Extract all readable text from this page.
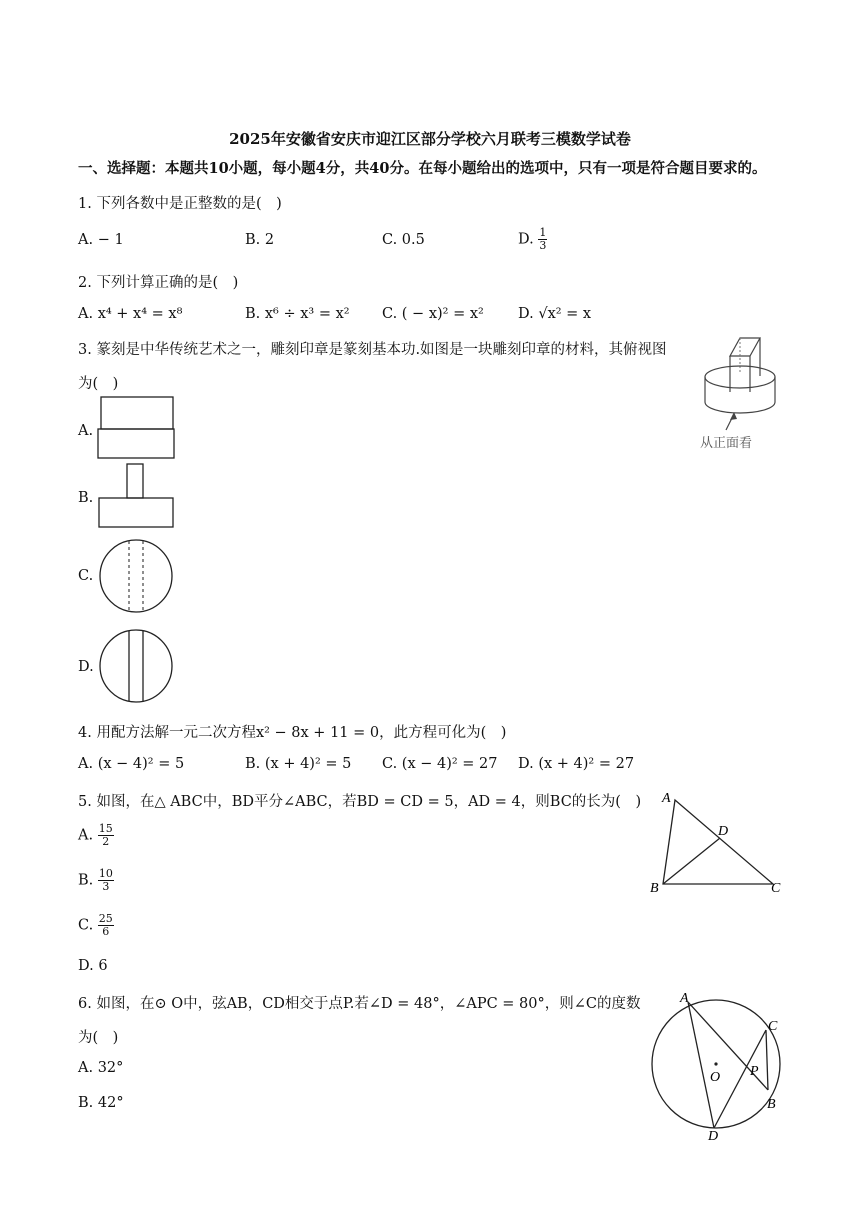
2025年安徽省安庆市迎江区部分学校六月联考三模数学试卷
一、选择题：本题共10小题，每小题4分，共40分。在每小题给出的选项中，只有一项是符合题目要求的。
1. 下列各数中是正整数的是(　)
A. − 1	B. 2	C. 0.5	D. $\frac{1}{3}$
2. 下列计算正确的是(　)
A. x⁴ + x⁴ = x⁸	B. x⁶ ÷ x³ = x² C. ( − x)² = x² D. √x² = x
3. 篆刻是中华传统艺术之一，雕刻印章是篆刻基本功.如图是一块雕刻印章的材料，其俯视图
为(　)
A.
B.
C.
D.
从正面看
4. 用配方法解一元二次方程x² − 8x + 11 = 0，此方程可化为(　)
A. (x − 4)² = 5	B. (x + 4)² = 5 C. (x − 4)² = 27 D. (x + 4)² = 27
5. 如图，在△ ABC中，BD平分∠ABC，若BD = CD = 5，AD = 4，则BC的长为(　)
A. $\frac{15}{2}$
B. $\frac{10}{3}$
C. $\frac{25}{6}$
D. 6
A
D
B	C
6. 如图，在⊙ O中，弦AB，CD相交于点P.若∠D = 48°，∠APC = 80°，则∠C的度数
为(　)
A. 32°
B. 42°
A
C
O P
B
D
